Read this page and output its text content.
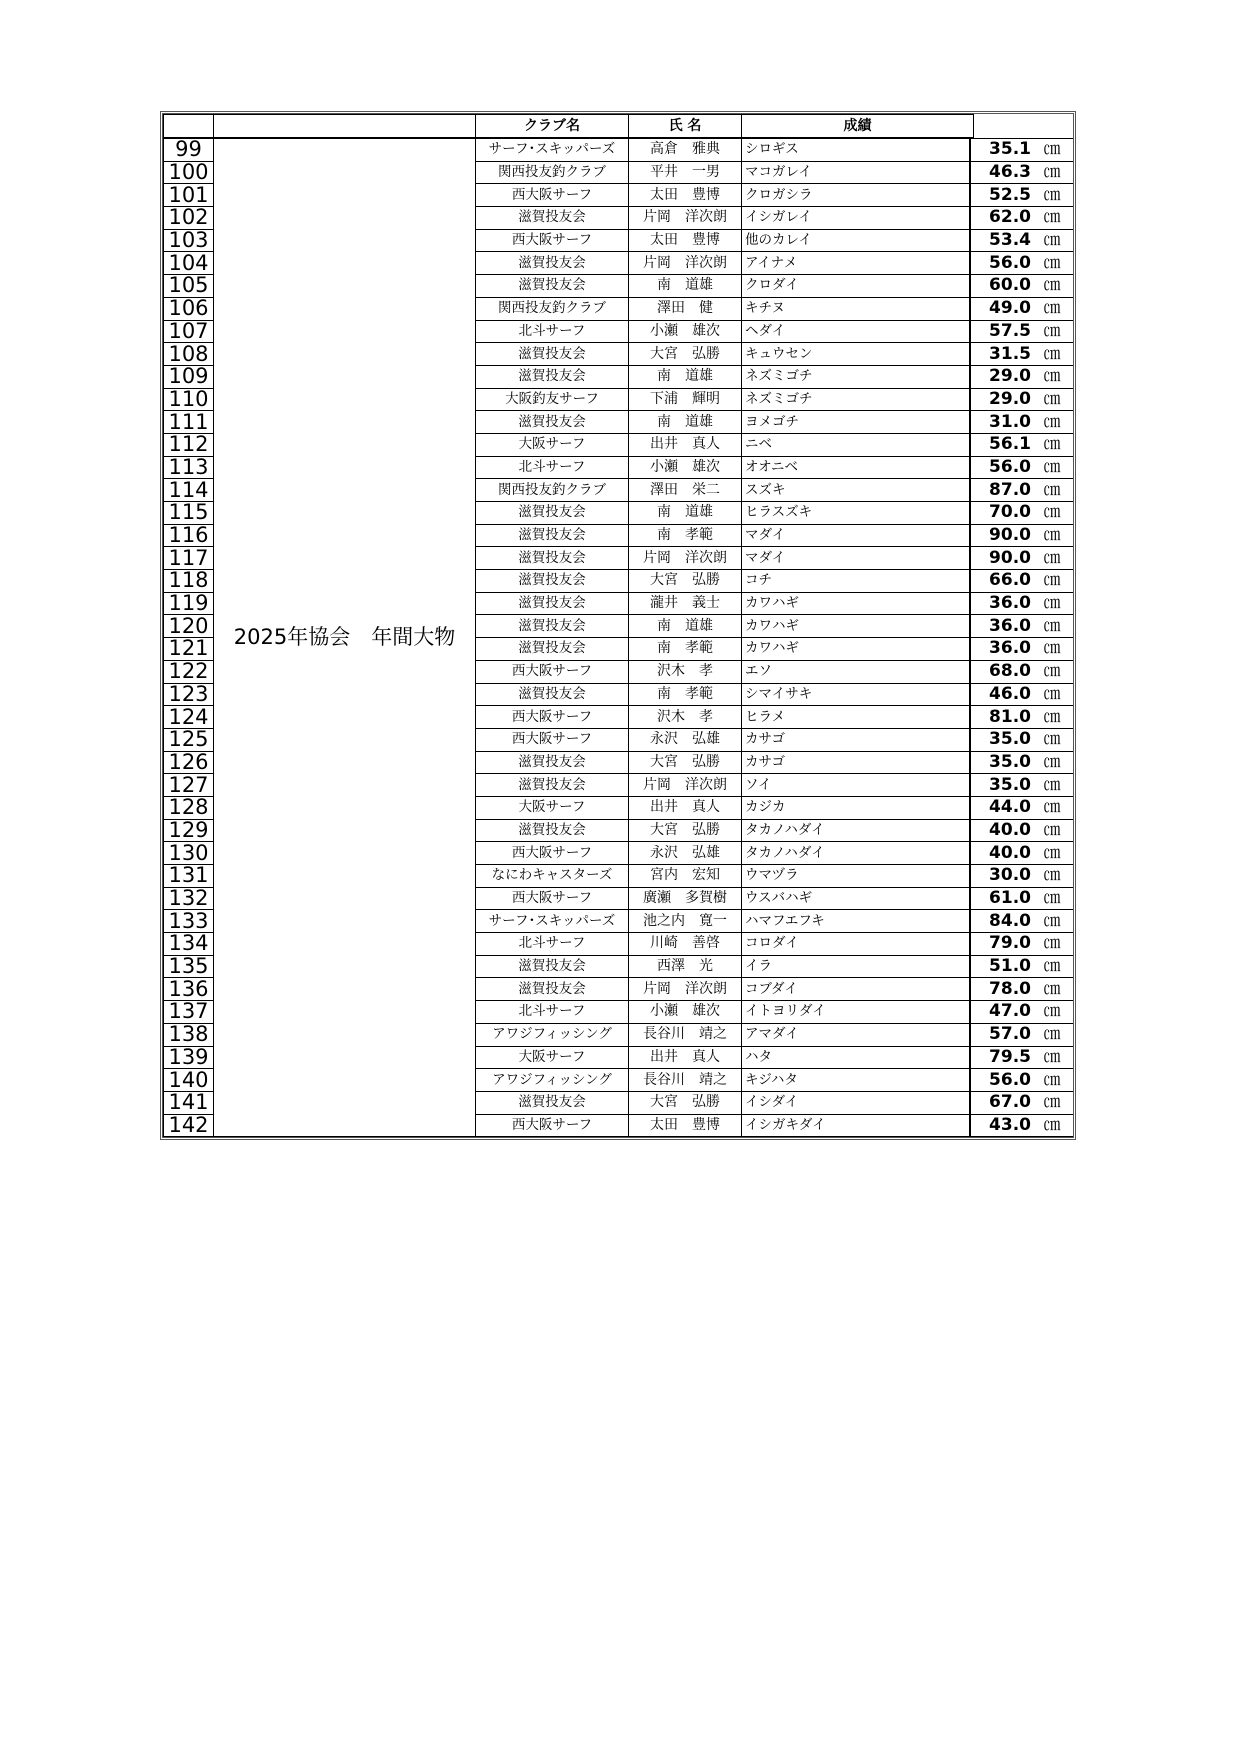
		クラブ名	氏 名	成績	
99	2025年協会　年間大物	サーフ･スキッパーズ	高倉　雅典	シロギス	35.1 ㎝
100		関西投友釣クラブ	平井　一男	マコガレイ	46.3 ㎝
101		西大阪サーフ	太田　豊博	クロガシラ	52.5 ㎝
102		滋賀投友会	片岡　洋次朗	イシガレイ	62.0 ㎝
103		西大阪サーフ	太田　豊博	他のカレイ	53.4 ㎝
104		滋賀投友会	片岡　洋次朗	アイナメ	56.0 ㎝
105		滋賀投友会	南　道雄	クロダイ	60.0 ㎝
106		関西投友釣クラブ	澤田　健	キチヌ	49.0 ㎝
107		北斗サーフ	小瀬　雄次	ヘダイ	57.5 ㎝
108		滋賀投友会	大宮　弘勝	キュウセン	31.5 ㎝
109		滋賀投友会	南　道雄	ネズミゴチ	29.0 ㎝
110		大阪釣友サーフ	下浦　輝明	ネズミゴチ	29.0 ㎝
111		滋賀投友会	南　道雄	ヨメゴチ	31.0 ㎝
112		大阪サーフ	出井　真人	ニベ	56.1 ㎝
113		北斗サーフ	小瀬　雄次	オオニベ	56.0 ㎝
114		関西投友釣クラブ	澤田　栄二	スズキ	87.0 ㎝
115		滋賀投友会	南　道雄	ヒラスズキ	70.0 ㎝
116		滋賀投友会	南　孝範	マダイ	90.0 ㎝
117		滋賀投友会	片岡　洋次朗	マダイ	90.0 ㎝
118		滋賀投友会	大宮　弘勝	コチ	66.0 ㎝
119		滋賀投友会	瀧井　義士	カワハギ	36.0 ㎝
120		滋賀投友会	南　道雄	カワハギ	36.0 ㎝
121		滋賀投友会	南　孝範	カワハギ	36.0 ㎝
122		西大阪サーフ	沢木　孝	エソ	68.0 ㎝
123		滋賀投友会	南　孝範	シマイサキ	46.0 ㎝
124		西大阪サーフ	沢木　孝	ヒラメ	81.0 ㎝
125		西大阪サーフ	永沢　弘雄	カサゴ	35.0 ㎝
126		滋賀投友会	大宮　弘勝	カサゴ	35.0 ㎝
127		滋賀投友会	片岡　洋次朗	ソイ	35.0 ㎝
128		大阪サーフ	出井　真人	カジカ	44.0 ㎝
129		滋賀投友会	大宮　弘勝	タカノハダイ	40.0 ㎝
130		西大阪サーフ	永沢　弘雄	タカノハダイ	40.0 ㎝
131		なにわキャスターズ	宮内　宏知	ウマヅラ	30.0 ㎝
132		西大阪サーフ	廣瀬　多賀樹	ウスバハギ	61.0 ㎝
133		サーフ･スキッパーズ	池之内　寛一	ハマフエフキ	84.0 ㎝
134		北斗サーフ	川崎　善啓	コロダイ	79.0 ㎝
135		滋賀投友会	西澤　光	イラ	51.0 ㎝
136		滋賀投友会	片岡　洋次朗	コブダイ	78.0 ㎝
137		北斗サーフ	小瀬　雄次	イトヨリダイ	47.0 ㎝
138		アワジフィッシング	長谷川　靖之	アマダイ	57.0 ㎝
139		大阪サーフ	出井　真人	ハタ	79.5 ㎝
140		アワジフィッシング	長谷川　靖之	キジハタ	56.0 ㎝
141		滋賀投友会	大宮　弘勝	イシダイ	67.0 ㎝
142		西大阪サーフ	太田　豊博	イシガキダイ	43.0 ㎝
